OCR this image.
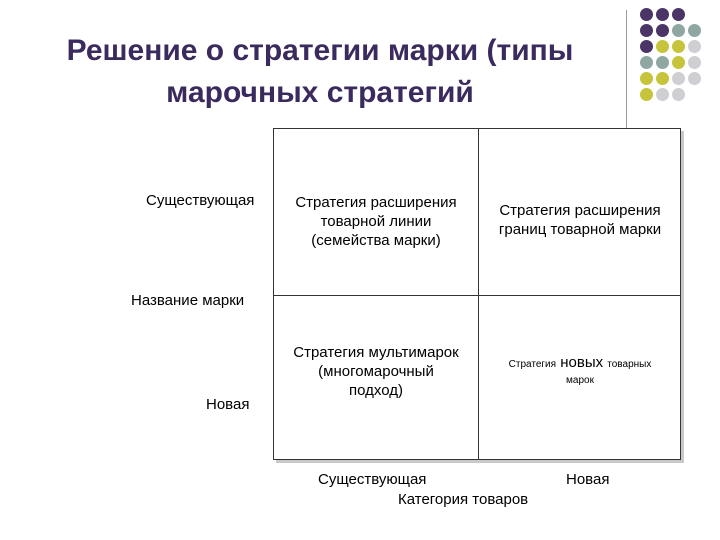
Решение о стратегии марки (типы
марочных стратегий
Стратегия расширения
товарной линии
(семейства марки)
Стратегия расширения
границ товарной марки
Стратегия мультимарок
(многомарочный
подход)
Стратегия новых товарных
марок
Существующая
Название марки
Новая
Существующая	Новая
Категория товаров
